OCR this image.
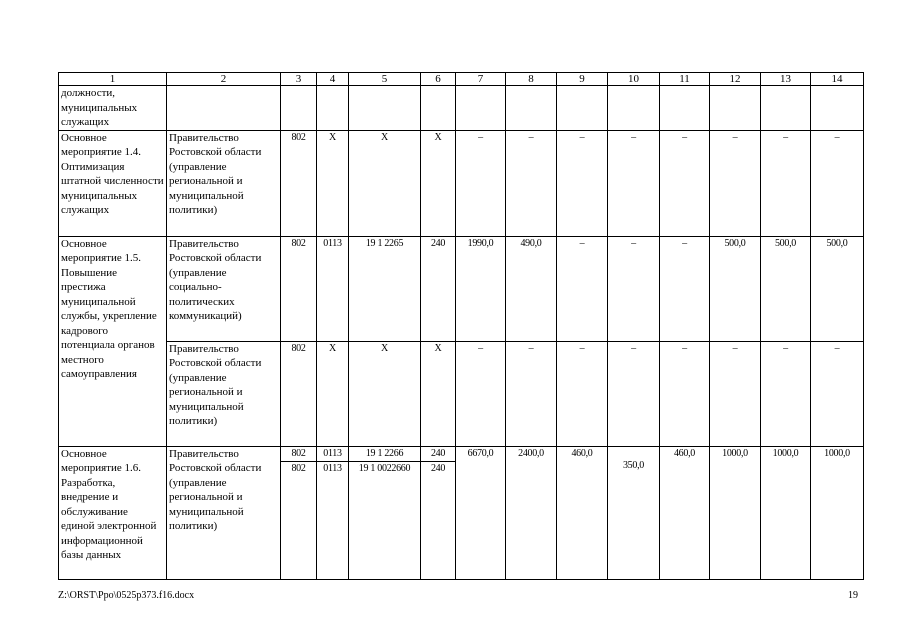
1	2	3	4	5	6	7	8	9	10	11	12	13	14
должности, муниципальных служащих													
Основное мероприятие 1.4. Оптимизация штатной численности муниципальных служащих	Правительство Ростовской области (управление региональной и муниципальной политики)	802	Х	Х	Х	–	–	–	–	–	–	–	–
Основное мероприятие 1.5. Повышение престижа муниципальной службы, укрепление кадрового потенциала органов местного самоуправления	Правительство Ростовской области (управление социально-политических коммуникаций)	802	0113	19 1 2265	240	1990,0	490,0	–	–	–	500,0	500,0	500,0
	Правительство Ростовской области (управление региональной и муниципальной политики)	802	Х	Х	Х	–	–	–	–	–	–	–	–
Основное мероприятие 1.6. Разработка, внедрение и обслуживание единой электронной информационной базы данных	Правительство Ростовской области (управление региональной и муниципальной политики)	802	0113	19 1 2266	240	6670,0	2400,0	460,0	350,0	460,0	1000,0	1000,0	1000,0
		802	0113	19 1 0022660	240								
Z:\ORST\Ppo\0525p373.f16.docx	19
